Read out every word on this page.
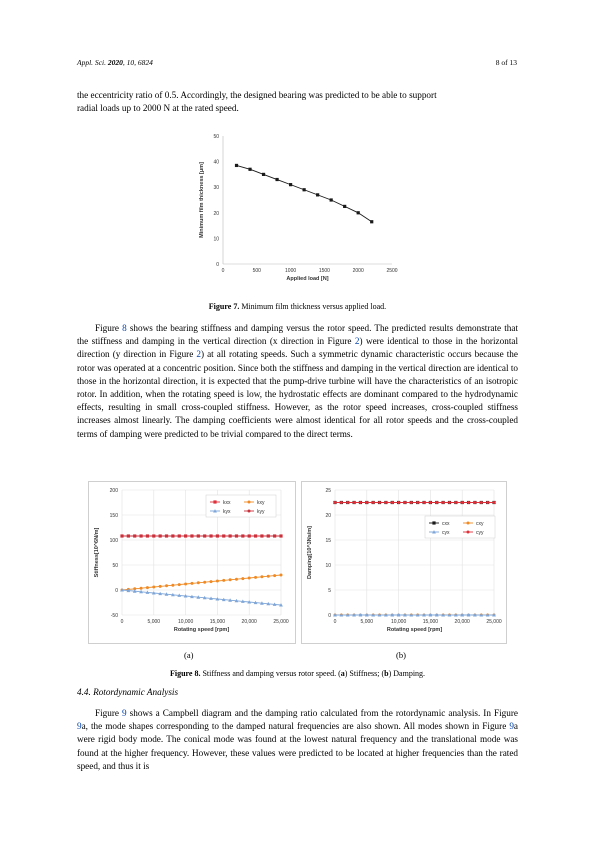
Appl. Sci. 2020, 10, 6824	8 of 13

the eccentricity ratio of 0.5. Accordingly, the designed bearing was predicted to be able to support
radial loads up to 2000 N at the rated speed.

0
10
20
30
40
50
0	500	1000	1500	2000	2500
Applied load [N]
Minimum film thickness [μm]
Figure 7. Minimum film thickness versus applied load.

Figure 8 shows the bearing stiffness and damping versus the rotor speed. The predicted results demonstrate that the stiffness and damping in the vertical direction (x direction in Figure 2) were identical to those in the horizontal direction (y direction in Figure 2) at all rotating speeds. Such a symmetric dynamic characteristic occurs because the rotor was operated at a concentric position. Since both the stiffness and damping in the vertical direction are identical to those in the horizontal direction, it is expected that the pump-drive turbine will have the characteristics of an isotropic rotor. In addition, when the rotating speed is low, the hydrostatic effects are dominant compared to the hydrodynamic effects, resulting in small cross-coupled stiffness. However, as the rotor speed increases, cross-coupled stiffness increases almost linearly. The damping coefficients were almost identical for all rotor speeds and the cross-coupled terms of damping were predicted to be trivial compared to the direct terms.

-50
0
50
100
150
200
0	5,000	10,000	15,000	20,000	25,000
Rotating speed [rpm]
Stiffness[10^6N/m]
kxx	kxy
kyx	kyy
0
5
10
15
20
25
0	5,000	10,000	15,000	20,000	25,000
Rotating speed [rpm]
Damping[10^3Ns/m]
cxx	cxy
cyx	cyy
(a)	(b)
Figure 8. Stiffness and damping versus rotor speed. (a) Stiffness; (b) Damping.
4.4. Rotordynamic Analysis

Figure 9 shows a Campbell diagram and the damping ratio calculated from the rotordynamic analysis. In Figure 9a, the mode shapes corresponding to the damped natural frequencies are also shown. All modes shown in Figure 9a were rigid body mode. The conical mode was found at the lowest natural frequency and the translational mode was found at the higher frequency. However, these values were predicted to be located at higher frequencies than the rated speed, and thus it is
